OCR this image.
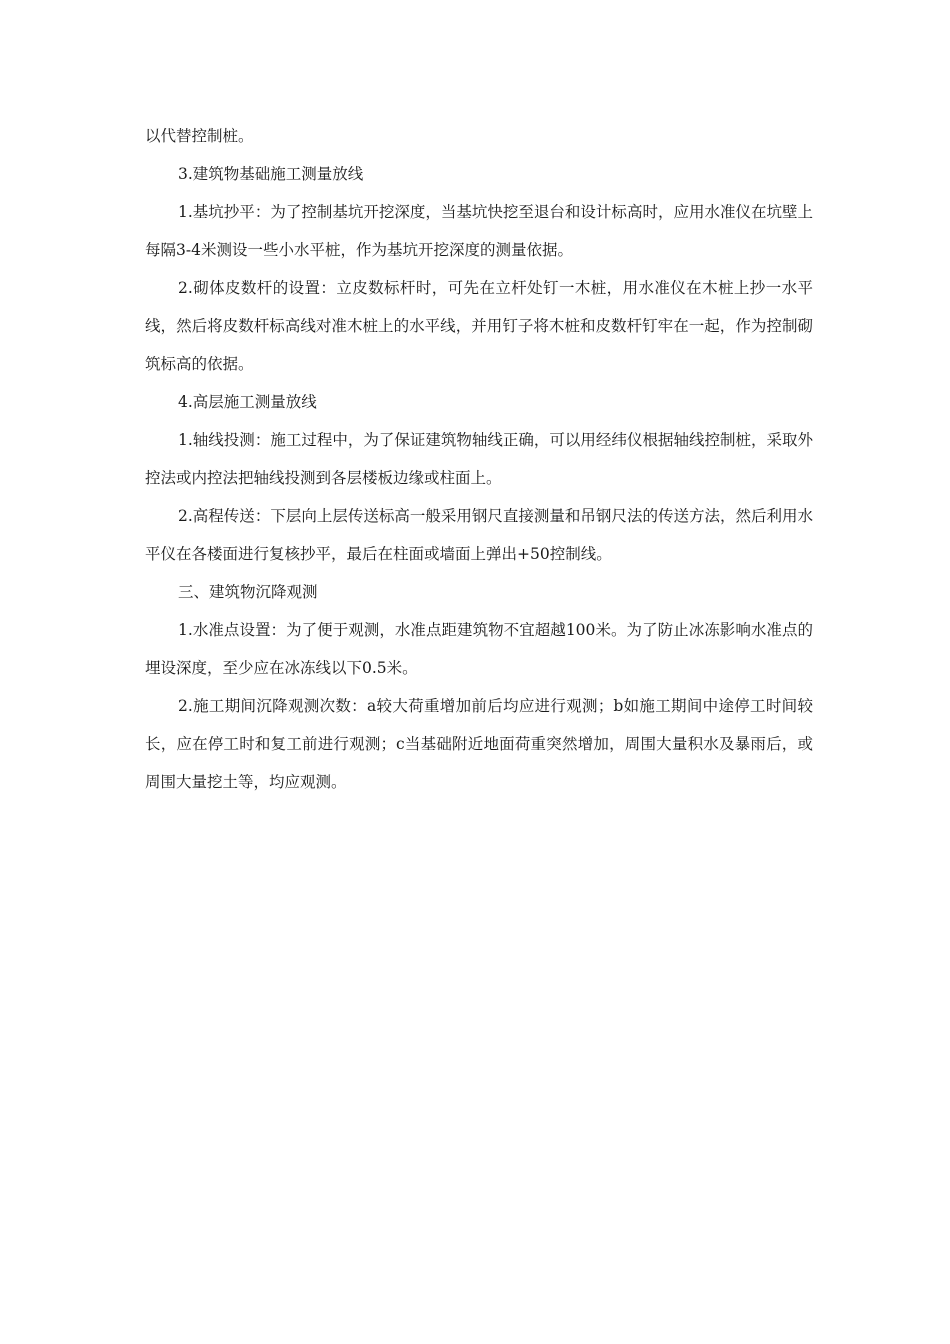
以代替控制桩。

3.建筑物基础施工测量放线

1.基坑抄平：为了控制基坑开挖深度，当基坑快挖至退台和设计标高时，应用水准仪在坑壁上每隔3-4米测设一些小水平桩，作为基坑开挖深度的测量依据。

2.砌体皮数杆的设置：立皮数标杆时，可先在立杆处钉一木桩，用水准仪在木桩上抄一水平线，然后将皮数杆标高线对准木桩上的水平线，并用钉子将木桩和皮数杆钉牢在一起，作为控制砌筑标高的依据。

4.高层施工测量放线

1.轴线投测：施工过程中，为了保证建筑物轴线正确，可以用经纬仪根据轴线控制桩，采取外控法或内控法把轴线投测到各层楼板边缘或柱面上。

2.高程传送：下层向上层传送标高一般采用钢尺直接测量和吊钢尺法的传送方法，然后利用水平仪在各楼面进行复核抄平，最后在柱面或墙面上弹出+50控制线。

三、建筑物沉降观测

1.水准点设置：为了便于观测，水准点距建筑物不宜超越100米。为了防止冰冻影响水准点的埋设深度，至少应在冰冻线以下0.5米。

2.施工期间沉降观测次数：a较大荷重增加前后均应进行观测；b如施工期间中途停工时间较长，应在停工时和复工前进行观测；c当基础附近地面荷重突然增加，周围大量积水及暴雨后，或周围大量挖土等，均应观测。
